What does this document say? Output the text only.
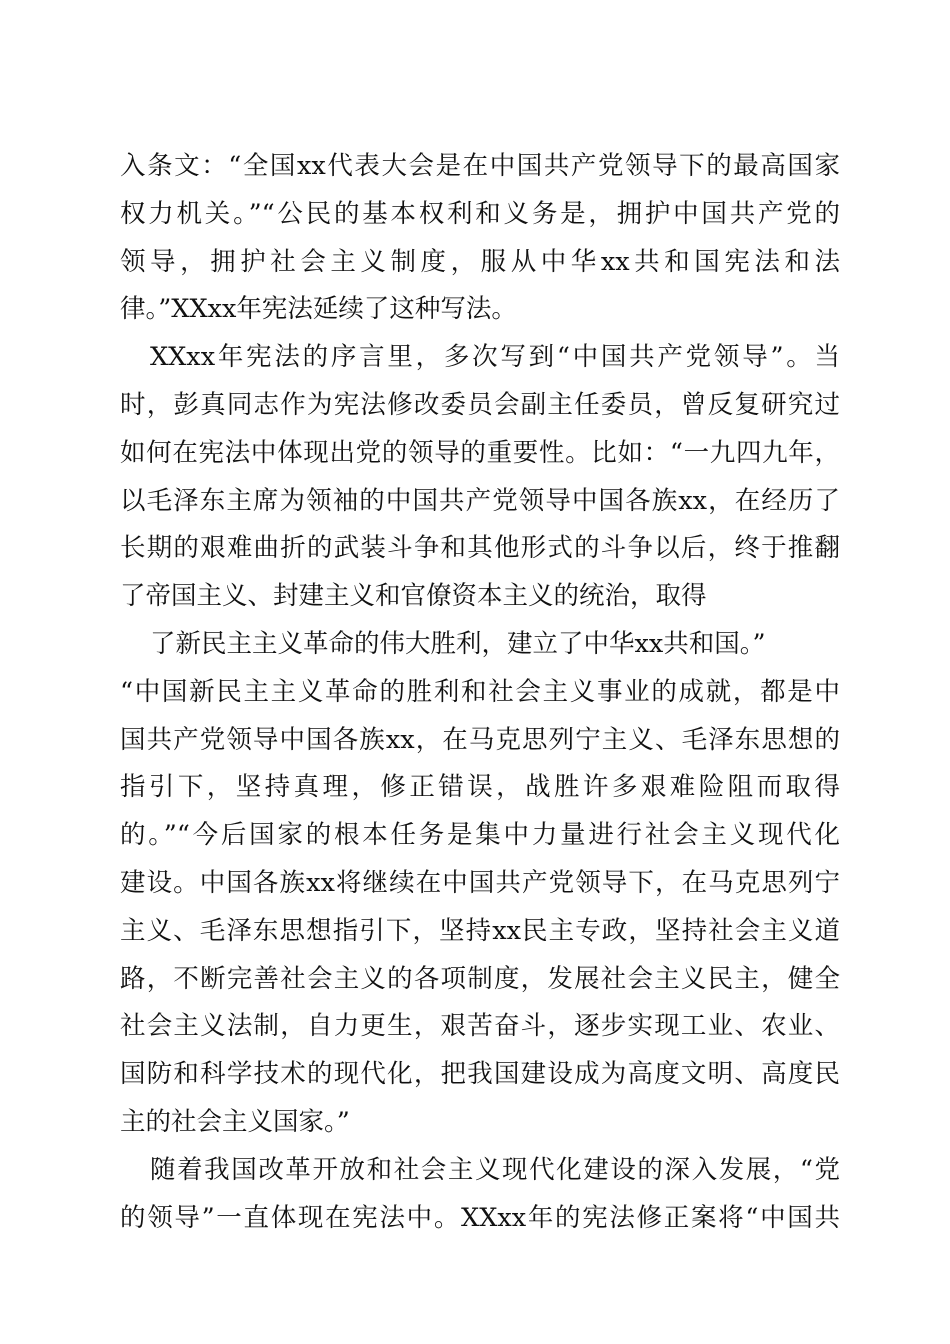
入条文：“全国xx代表大会是在中国共产党领导下的最高国家
权力机关。”“公民的基本权利和义务是，拥护中国共产党的
领导，拥护社会主义制度，服从中华xx共和国宪法和法
律。”XXxx年宪法延续了这种写法。
XXxx年宪法的序言里，多次写到“中国共产党领导”。当
时，彭真同志作为宪法修改委员会副主任委员，曾反复研究过
如何在宪法中体现出党的领导的重要性。比如：“一九四九年，
以毛泽东主席为领袖的中国共产党领导中国各族xx，在经历了
长期的艰难曲折的武装斗争和其他形式的斗争以后，终于推翻
了帝国主义、封建主义和官僚资本主义的统治，取得
了新民主主义革命的伟大胜利，建立了中华xx共和国。”
“中国新民主主义革命的胜利和社会主义事业的成就，都是中
国共产党领导中国各族xx，在马克思列宁主义、毛泽东思想的
指引下，坚持真理，修正错误，战胜许多艰难险阻而取得
的。”“今后国家的根本任务是集中力量进行社会主义现代化
建设。中国各族xx将继续在中国共产党领导下，在马克思列宁
主义、毛泽东思想指引下，坚持xx民主专政，坚持社会主义道
路，不断完善社会主义的各项制度，发展社会主义民主，健全
社会主义法制，自力更生，艰苦奋斗，逐步实现工业、农业、
国防和科学技术的现代化，把我国建设成为高度文明、高度民
主的社会主义国家。”
随着我国改革开放和社会主义现代化建设的深入发展，“党
的领导”一直体现在宪法中。XXxx年的宪法修正案将“中国共
